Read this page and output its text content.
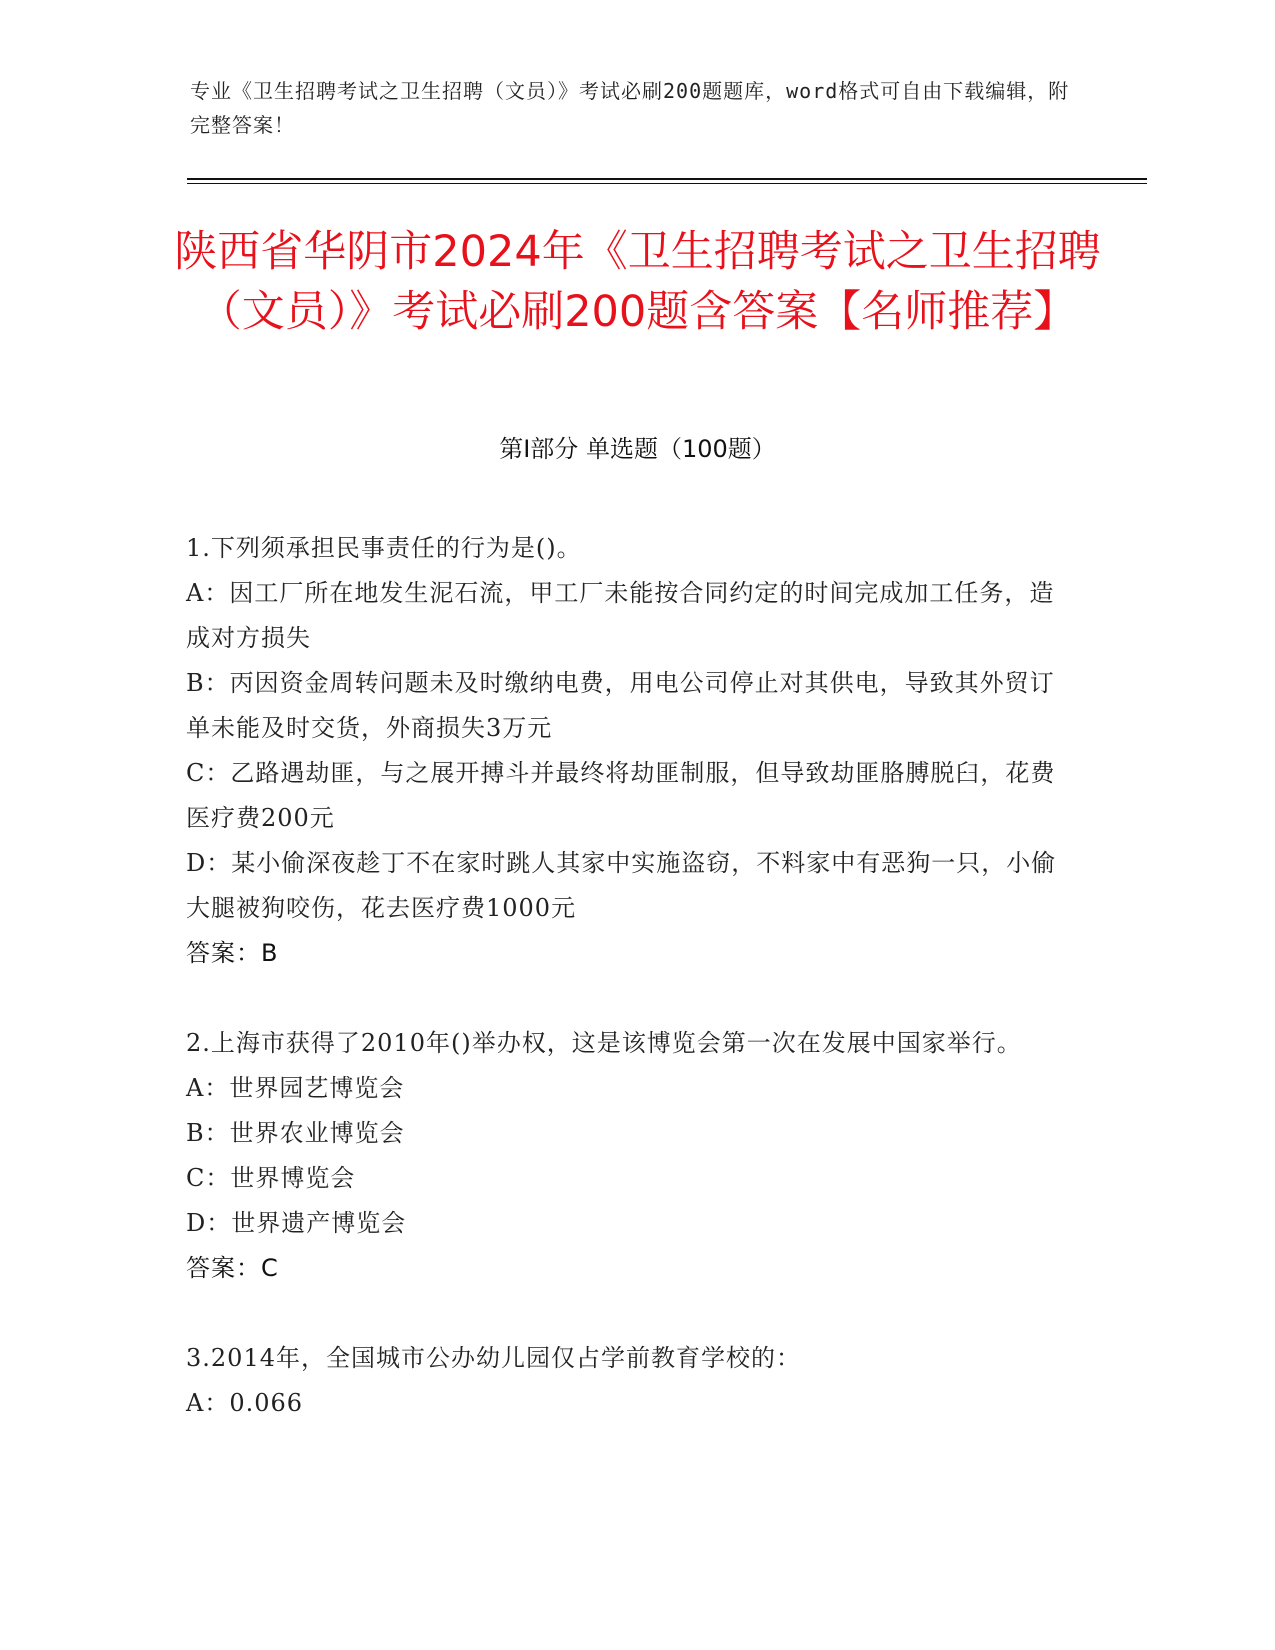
专业《卫生招聘考试之卫生招聘（文员）》考试必刷200题题库，word格式可自由下载编辑，附完整答案！
陕西省华阴市2024年《卫生招聘考试之卫生招聘（文员）》考试必刷200题含答案【名师推荐】
第Ⅰ部分 单选题（100题）

1.下列须承担民事责任的行为是()。

A：因工厂所在地发生泥石流，甲工厂未能按合同约定的时间完成加工任务，造成对方损失

B：丙因资金周转问题未及时缴纳电费，用电公司停止对其供电，导致其外贸订单未能及时交货，外商损失3万元

C：乙路遇劫匪，与之展开搏斗并最终将劫匪制服，但导致劫匪胳膊脱臼，花费医疗费200元

D：某小偷深夜趁丁不在家时跳人其家中实施盗窃，不料家中有恶狗一只，小偷大腿被狗咬伤，花去医疗费1000元

答案：B

2.上海市获得了2010年()举办权，这是该博览会第一次在发展中国家举行。

A：世界园艺博览会

B：世界农业博览会

C：世界博览会

D：世界遗产博览会

答案：C

3.2014年，全国城市公办幼儿园仅占学前教育学校的：

A：0.066
